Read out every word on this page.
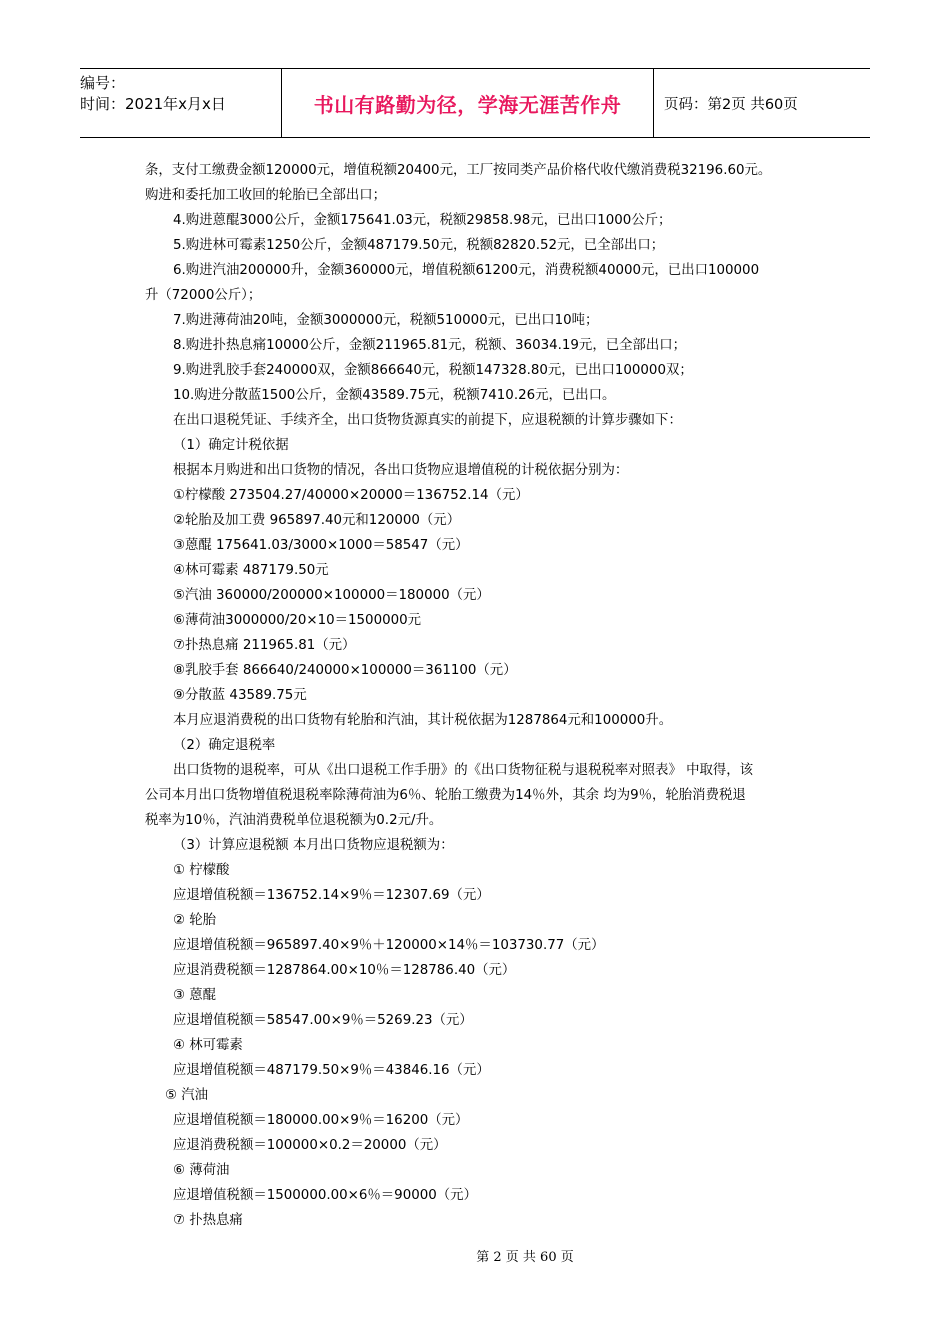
编号：
时间：2021年x月x日	书山有路勤为径，学海无涯苦作舟	页码：第2页 共60页
条，支付工缴费金额120000元，增值税额20400元，工厂按同类产品价格代收代缴消费税32196.60元。
购进和委托加工收回的轮胎已全部出口；
4.购进蒽醌3000公斤，金额175641.03元，税额29858.98元，已出口1000公斤；
5.购进林可霉素1250公斤，金额487179.50元，税额82820.52元，已全部出口；
6.购进汽油200000升，金额360000元，增值税额61200元，消费税额40000元，已出口100000
升（72000公斤）；
7.购进薄荷油20吨，金额3000000元，税额510000元，已出口10吨；
8.购进扑热息痛10000公斤，金额211965.81元，税额、36034.19元，已全部出口；
9.购进乳胶手套240000双，金额866640元，税额147328.80元，已出口100000双；
10.购进分散蓝1500公斤，金额43589.75元，税额7410.26元，已出口。
在出口退税凭证、手续齐全，出口货物货源真实的前提下，应退税额的计算步骤如下：
（1）确定计税依据
根据本月购进和出口货物的情况，各出口货物应退增值税的计税依据分别为：
①柠檬酸 273504.27/40000×20000＝136752.14（元）
②轮胎及加工费 965897.40元和120000（元）
③蒽醌 175641.03/3000×1000＝58547（元）
④林可霉素 487179.50元
⑤汽油 360000/200000×100000＝180000（元）
⑥薄荷油3000000/20×10＝1500000元
⑦扑热息痛 211965.81（元）
⑧乳胶手套 866640/240000×100000＝361100（元）
⑨分散蓝 43589.75元
本月应退消费税的出口货物有轮胎和汽油，其计税依据为1287864元和100000升。
（2）确定退税率
出口货物的退税率，可从《出口退税工作手册》的《出口货物征税与退税税率对照表》 中取得，该
公司本月出口货物增值税退税率除薄荷油为6％、轮胎工缴费为14％外，其余 均为9％，轮胎消费税退
税率为10％，汽油消费税单位退税额为0.2元/升。
（3）计算应退税额 本月出口货物应退税额为：
① 柠檬酸
应退增值税额＝136752.14×9％＝12307.69（元）
② 轮胎
应退增值税额＝965897.40×9％＋120000×14％＝103730.77（元）
应退消费税额＝1287864.00×10％＝128786.40（元）
③ 蒽醌
应退增值税额＝58547.00×9％＝5269.23（元）
④ 林可霉素
应退增值税额＝487179.50×9％＝43846.16（元）
⑤ 汽油
应退增值税额＝180000.00×9％＝16200（元）
应退消费税额＝100000×0.2＝20000（元）
⑥ 薄荷油
应退增值税额＝1500000.00×6％＝90000（元）
⑦ 扑热息痛
第 2 页 共 60 页
